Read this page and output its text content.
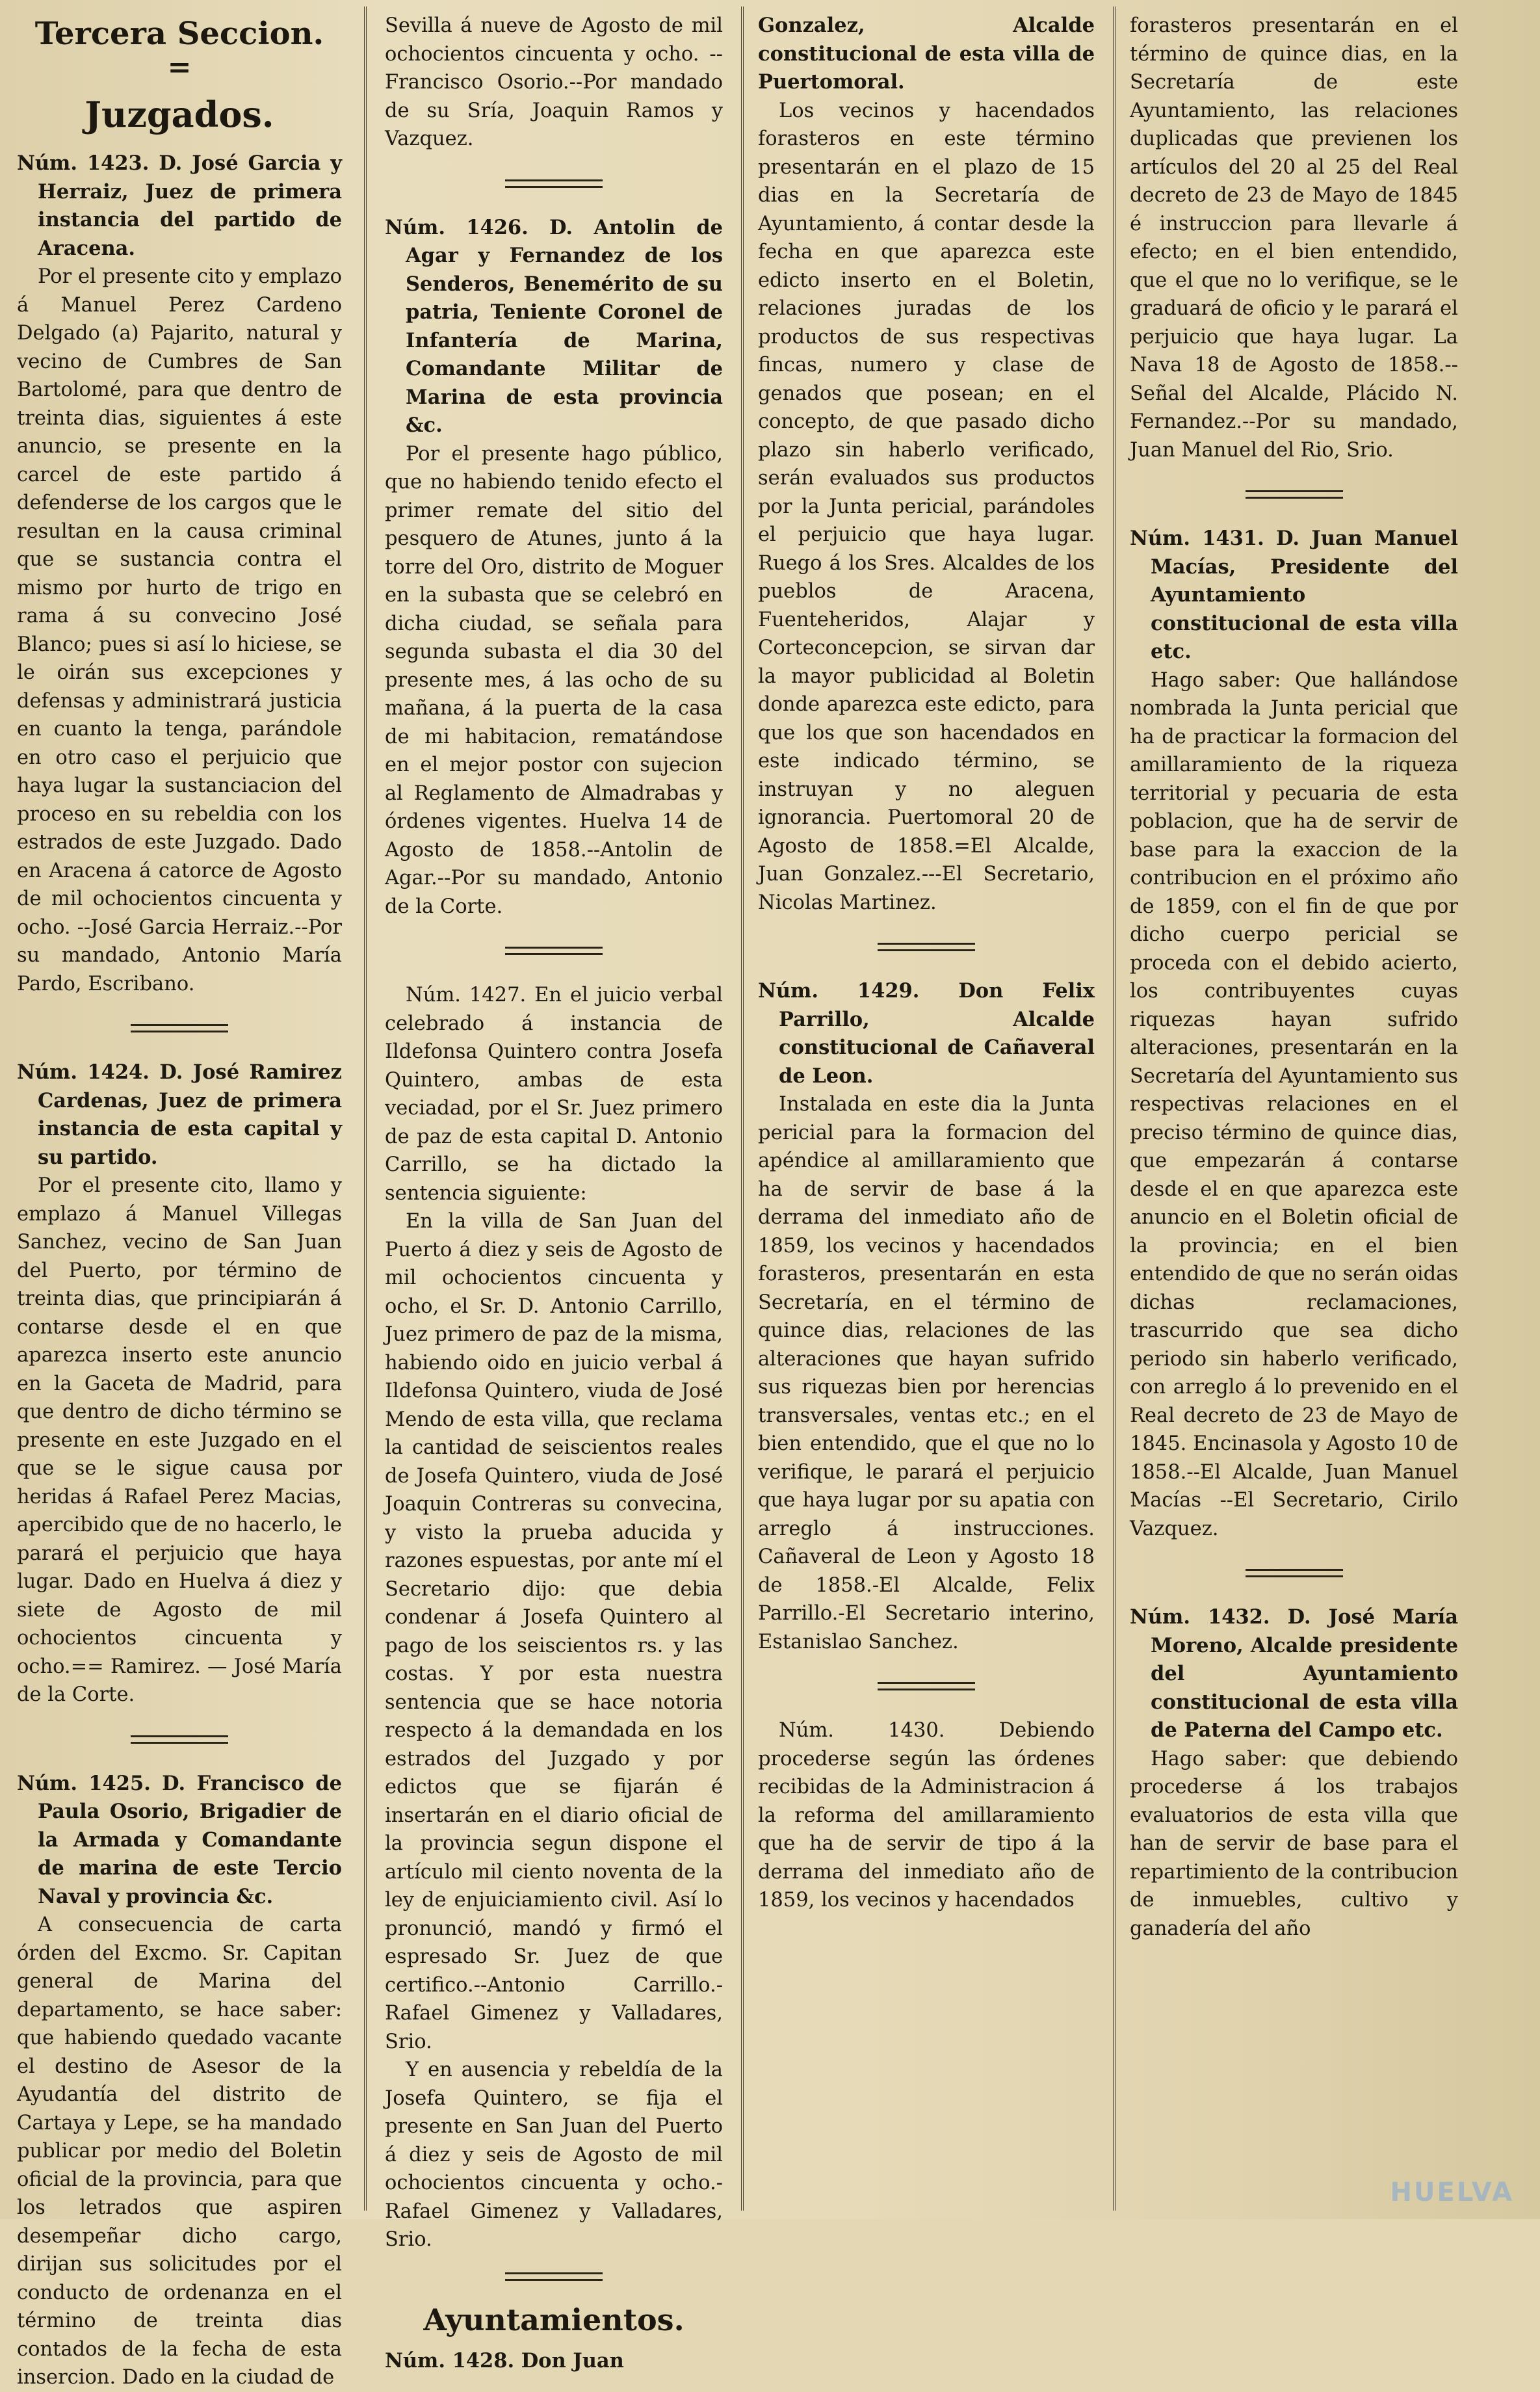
Tercera Seccion.
=
Juzgados.

Núm. 1423. D. José Garcia y Herraiz, Juez de primera instancia del partido de Aracena.

Por el presente cito y emplazo á Manuel Perez Cardeno Delgado (a) Pajarito, natural y vecino de Cumbres de San Bartolomé, para que dentro de treinta dias, siguientes á este anuncio, se presente en la carcel de este partido á defenderse de los cargos que le resultan en la causa criminal que se sustancia contra el mismo por hurto de trigo en rama á su convecino José Blanco; pues si así lo hiciese, se le oirán sus excepciones y defensas y administrará justicia en cuanto la tenga, parándole en otro caso el perjuicio que haya lugar la sustanciacion del proceso en su rebeldia con los estrados de este Juzgado. Dado en Aracena á catorce de Agosto de mil ochocientos cincuenta y ocho. --José Garcia Herraiz.--Por su mandado, Antonio María Pardo, Escribano.

Núm. 1424. D. José Ramirez Cardenas, Juez de primera instancia de esta capital y su partido.

Por el presente cito, llamo y emplazo á Manuel Villegas Sanchez, vecino de San Juan del Puerto, por término de treinta dias, que principiarán á contarse desde el en que aparezca inserto este anuncio en la Gaceta de Madrid, para que dentro de dicho término se presente en este Juzgado en el que se le sigue causa por heridas á Rafael Perez Macias, apercibido que de no hacerlo, le parará el perjuicio que haya lugar. Dado en Huelva á diez y siete de Agosto de mil ochocientos cincuenta y ocho.== Ramirez. — José María de la Corte.

Núm. 1425. D. Francisco de Paula Osorio, Brigadier de la Armada y Comandante de marina de este Tercio Naval y provincia &c.

A consecuencia de carta órden del Excmo. Sr. Capitan general de Marina del departamento, se hace saber: que habiendo quedado vacante el destino de Asesor de la Ayudantía del distrito de Cartaya y Lepe, se ha mandado publicar por medio del Boletin oficial de la provincia, para que los letrados que aspiren desempeñar dicho cargo, dirijan sus solicitudes por el conducto de ordenanza en el término de treinta dias contados de la fecha de esta insercion. Dado en la ciudad de

Sevilla á nueve de Agosto de mil ochocientos cincuenta y ocho. --Francisco Osorio.--Por mandado de su Sría, Joaquin Ramos y Vazquez.

Núm. 1426. D. Antolin de Agar y Fernandez de los Senderos, Benemérito de su patria, Teniente Coronel de Infantería de Marina, Comandante Militar de Marina de esta provincia &c.

Por el presente hago público, que no habiendo tenido efecto el primer remate del sitio del pesquero de Atunes, junto á la torre del Oro, distrito de Moguer en la subasta que se celebró en dicha ciudad, se señala para segunda subasta el dia 30 del presente mes, á las ocho de su mañana, á la puerta de la casa de mi habitacion, rematándose en el mejor postor con sujecion al Reglamento de Almadrabas y órdenes vigentes. Huelva 14 de Agosto de 1858.--Antolin de Agar.--Por su mandado, Antonio de la Corte.

Núm. 1427. En el juicio verbal celebrado á instancia de Ildefonsa Quintero contra Josefa Quintero, ambas de esta veciadad, por el Sr. Juez primero de paz de esta capital D. Antonio Carrillo, se ha dictado la sentencia siguiente:

En la villa de San Juan del Puerto á diez y seis de Agosto de mil ochocientos cincuenta y ocho, el Sr. D. Antonio Carrillo, Juez primero de paz de la misma, habiendo oido en juicio verbal á Ildefonsa Quintero, viuda de José Mendo de esta villa, que reclama la cantidad de seiscientos reales de Josefa Quintero, viuda de José Joaquin Contreras su convecina, y visto la prueba aducida y razones espuestas, por ante mí el Secretario dijo: que debia condenar á Josefa Quintero al pago de los seiscientos rs. y las costas. Y por esta nuestra sentencia que se hace notoria respecto á la demandada en los estrados del Juzgado y por edictos que se fijarán é insertarán en el diario oficial de la provincia segun dispone el artículo mil ciento noventa de la ley de enjuiciamiento civil. Así lo pronunció, mandó y firmó el espresado Sr. Juez de que certifico.--Antonio Carrillo.-Rafael Gimenez y Valladares, Srio.

Y en ausencia y rebeldía de la Josefa Quintero, se fija el presente en San Juan del Puerto á diez y seis de Agosto de mil ochocientos cincuenta y ocho.-Rafael Gimenez y Valladares, Srio.

Ayuntamientos.

Núm. 1428. Don Juan

Gonzalez, Alcalde constitucional de esta villa de Puertomoral.

Los vecinos y hacendados forasteros en este término presentarán en el plazo de 15 dias en la Secretaría de Ayuntamiento, á contar desde la fecha en que aparezca este edicto inserto en el Boletin, relaciones juradas de los productos de sus respectivas fincas, numero y clase de genados que posean; en el concepto, de que pasado dicho plazo sin haberlo verificado, serán evaluados sus productos por la Junta pericial, parándoles el perjuicio que haya lugar. Ruego á los Sres. Alcaldes de los pueblos de Aracena, Fuenteheridos, Alajar y Corteconcepcion, se sirvan dar la mayor publicidad al Boletin donde aparezca este edicto, para que los que son hacendados en este indicado término, se instruyan y no aleguen ignorancia. Puertomoral 20 de Agosto de 1858.=El Alcalde, Juan Gonzalez.---El Secretario, Nicolas Martinez.

Núm. 1429. Don Felix Parrillo, Alcalde constitucional de Cañaveral de Leon.

Instalada en este dia la Junta pericial para la formacion del apéndice al amillaramiento que ha de servir de base á la derrama del inmediato año de 1859, los vecinos y hacendados forasteros, presentarán en esta Secretaría, en el término de quince dias, relaciones de las alteraciones que hayan sufrido sus riquezas bien por herencias transversales, ventas etc.; en el bien entendido, que el que no lo verifique, le parará el perjuicio que haya lugar por su apatia con arreglo á instrucciones. Cañaveral de Leon y Agosto 18 de 1858.-El Alcalde, Felix Parrillo.-El Secretario interino, Estanislao Sanchez.

Núm. 1430. Debiendo procederse según las órdenes recibidas de la Administracion á la reforma del amillaramiento que ha de servir de tipo á la derrama del inmediato año de 1859, los vecinos y hacendados

forasteros presentarán en el término de quince dias, en la Secretaría de este Ayuntamiento, las relaciones duplicadas que previenen los artículos del 20 al 25 del Real decreto de 23 de Mayo de 1845 é instruccion para llevarle á efecto; en el bien entendido, que el que no lo verifique, se le graduará de oficio y le parará el perjuicio que haya lugar. La Nava 18 de Agosto de 1858.--Señal del Alcalde, Plácido N. Fernandez.--Por su mandado, Juan Manuel del Rio, Srio.

Núm. 1431. D. Juan Manuel Macías, Presidente del Ayuntamiento constitucional de esta villa etc.

Hago saber: Que hallándose nombrada la Junta pericial que ha de practicar la formacion del amillaramiento de la riqueza territorial y pecuaria de esta poblacion, que ha de servir de base para la exaccion de la contribucion en el próximo año de 1859, con el fin de que por dicho cuerpo pericial se proceda con el debido acierto, los contribuyentes cuyas riquezas hayan sufrido alteraciones, presentarán en la Secretaría del Ayuntamiento sus respectivas relaciones en el preciso término de quince dias, que empezarán á contarse desde el en que aparezca este anuncio en el Boletin oficial de la provincia; en el bien entendido de que no serán oidas dichas reclamaciones, trascurrido que sea dicho periodo sin haberlo verificado, con arreglo á lo prevenido en el Real decreto de 23 de Mayo de 1845. Encinasola y Agosto 10 de 1858.--El Alcalde, Juan Manuel Macías --El Secretario, Cirilo Vazquez.

Núm. 1432. D. José María Moreno, Alcalde presidente del Ayuntamiento constitucional de esta villa de Paterna del Campo etc.

Hago saber: que debiendo procederse á los trabajos evaluatorios de esta villa que han de servir de base para el repartimiento de la contribucion de inmuebles, cultivo y ganadería del año

HUELVA
